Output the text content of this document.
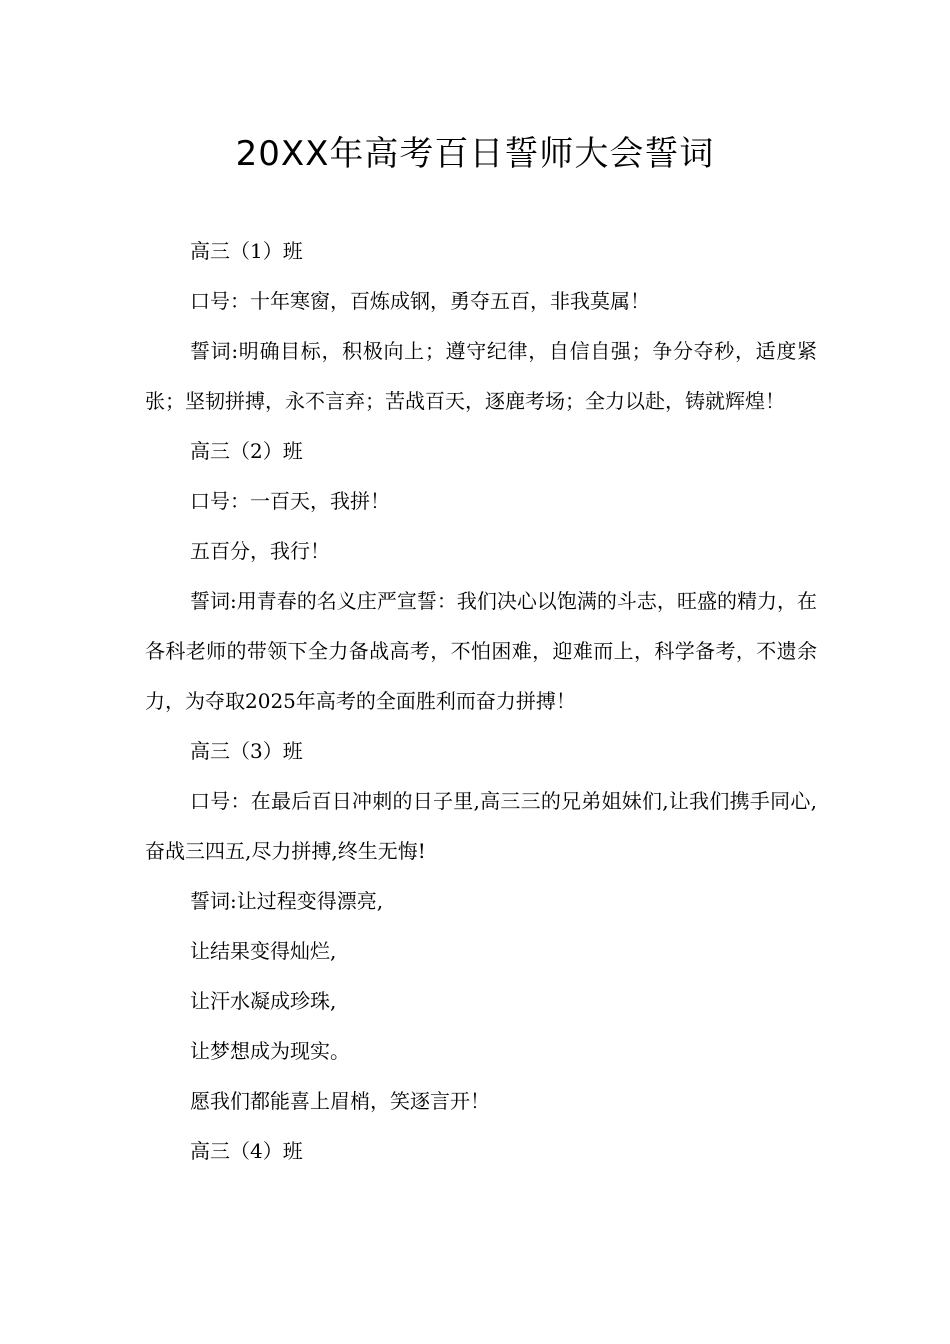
20XX年高考百日誓师大会誓词

高三（1）班

口号：十年寒窗，百炼成钢，勇夺五百，非我莫属！

誓词:明确目标，积极向上；遵守纪律，自信自强；争分夺秒，适度紧张；坚韧拼搏，永不言弃；苦战百天，逐鹿考场；全力以赴，铸就辉煌！

高三（2）班

口号：一百天，我拼！

五百分，我行！

誓词:用青春的名义庄严宣誓：我们决心以饱满的斗志，旺盛的精力，在各科老师的带领下全力备战高考，不怕困难，迎难而上，科学备考，不遗余力，为夺取2025年高考的全面胜利而奋力拼搏！

高三（3）班

口号：在最后百日冲刺的日子里,高三三的兄弟姐妹们,让我们携手同心,奋战三四五,尽力拼搏,终生无悔!

誓词:让过程变得漂亮,

让结果变得灿烂,

让汗水凝成珍珠,

让梦想成为现实。

愿我们都能喜上眉梢，笑逐言开！

高三（4）班
